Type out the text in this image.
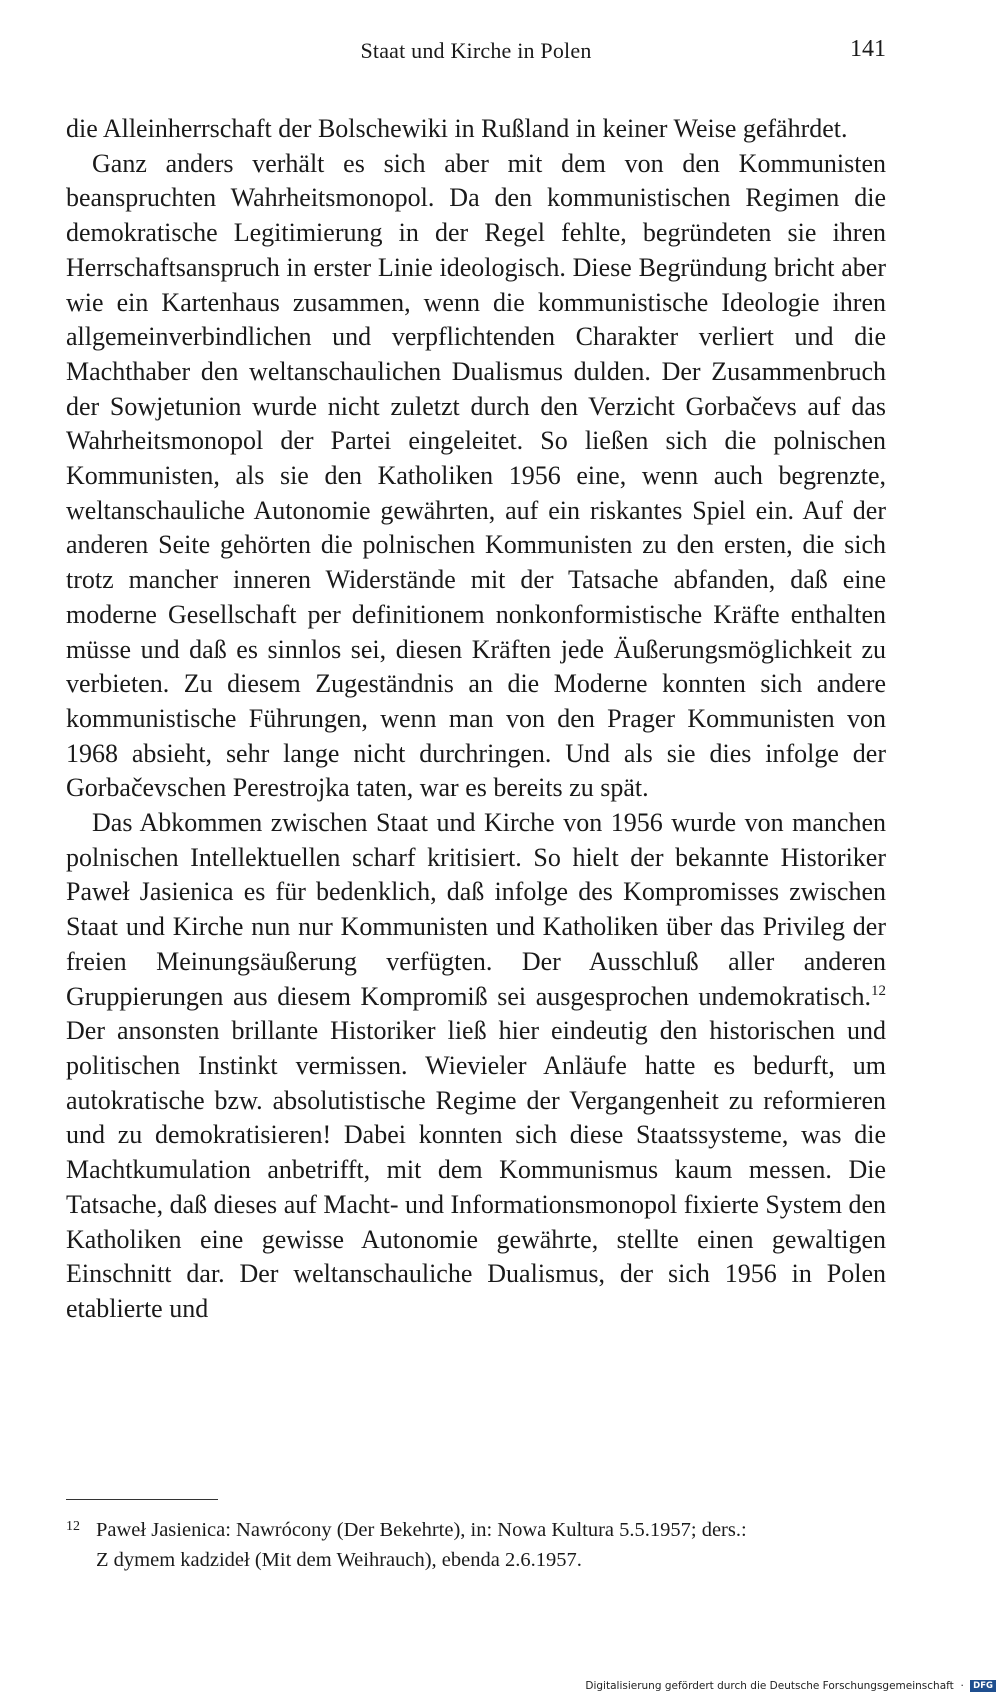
Staat und Kirche in Polen	141

die Alleinherrschaft der Bolschewiki in Rußland in keiner Weise gefährdet.

Ganz anders verhält es sich aber mit dem von den Kommunisten beanspruchten Wahrheitsmonopol. Da den kommunistischen Regimen die demokratische Legitimierung in der Regel fehlte, begründeten sie ihren Herrschaftsanspruch in erster Linie ideologisch. Diese Begründung bricht aber wie ein Kartenhaus zusammen, wenn die kommunistische Ideologie ihren allgemeinverbindlichen und verpflichtenden Charakter verliert und die Machthaber den weltanschaulichen Dualismus dulden. Der Zusammenbruch der Sowjetunion wurde nicht zuletzt durch den Verzicht Gorbačevs auf das Wahrheitsmonopol der Partei eingeleitet. So ließen sich die polnischen Kommunisten, als sie den Katholiken 1956 eine, wenn auch begrenzte, weltanschauliche Autonomie gewährten, auf ein riskantes Spiel ein. Auf der anderen Seite gehörten die polnischen Kommunisten zu den ersten, die sich trotz mancher inneren Widerstände mit der Tatsache abfanden, daß eine moderne Gesellschaft per definitionem nonkonformistische Kräfte enthalten müsse und daß es sinnlos sei, diesen Kräften jede Äußerungsmöglichkeit zu verbieten. Zu diesem Zugeständnis an die Moderne konnten sich andere kommunistische Führungen, wenn man von den Prager Kommunisten von 1968 absieht, sehr lange nicht durchringen. Und als sie dies infolge der Gorbačevschen Perestrojka taten, war es bereits zu spät.

Das Abkommen zwischen Staat und Kirche von 1956 wurde von manchen polnischen Intellektuellen scharf kritisiert. So hielt der bekannte Historiker Paweł Jasienica es für bedenklich, daß infolge des Kompromisses zwischen Staat und Kirche nun nur Kommunisten und Katholiken über das Privileg der freien Meinungsäußerung verfügten. Der Ausschluß aller anderen Gruppierungen aus diesem Kompromiß sei ausgesprochen undemokratisch.$^{12}$ Der ansonsten brillante Historiker ließ hier eindeutig den historischen und politischen Instinkt vermissen. Wievieler Anläufe hatte es bedurft, um autokratische bzw. absolutistische Regime der Vergangenheit zu reformieren und zu demokratisieren! Dabei konnten sich diese Staatssysteme, was die Machtkumulation anbetrifft, mit dem Kommunismus kaum messen. Die Tatsache, daß dieses auf Macht- und Informationsmonopol fixierte System den Katholiken eine gewisse Autonomie gewährte, stellte einen gewaltigen Einschnitt dar. Der weltanschauliche Dualismus, der sich 1956 in Polen etablierte und

12 Paweł Jasienica: Nawrócony (Der Bekehrte), in: Nowa Kultura 5.5.1957; ders.:
Z dymem kadzideł (Mit dem Weihrauch), ebenda 2.6.1957.
Digitalisierung gefördert durch die Deutsche Forschungsgemeinschaft  · DFG
